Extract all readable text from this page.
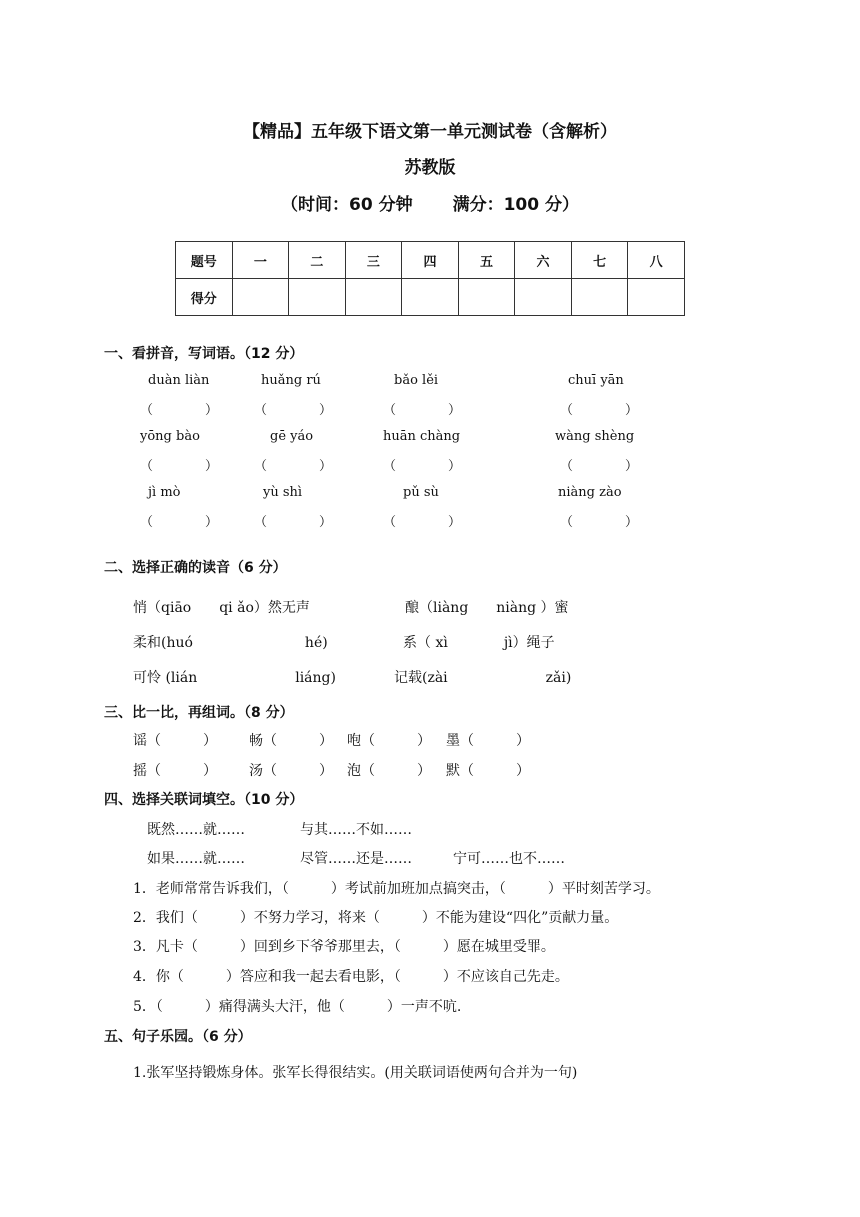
【精品】五年级下语文第一单元测试卷（含解析）
苏教版
（时间：60 分钟 满分：100 分）
题号	一	二	三	四	五	六	七	八
得分								
一、看拼音，写词语。（12 分）
duàn liàn	huǎng rú	bǎo lěi	chuī yān
（　　　　）	（　　　　）	（　　　　）	（　　　　）
yōng bào	gē yáo	huān chàng	wàng shèng
（　　　　）	（　　　　）	（　　　　）	（　　　　）
jì mò	yù shì	pǔ sù	niàng zào
（　　　　）	（　　　　）	（　　　　）	（　　　　）
二、选择正确的读音（6 分）
悄（qiāo　　qi ǎo）然无声	酿（liàng　　niàng ）蜜
柔和(huó　　　　　　　　hé)	系（ xì　　　　jì）绳子
可怜 (lián　　　　　　　liáng)	记载(zài　　　　　　　zǎi)
三、比一比，再组词。（8 分）
谣（　　　） 畅（　　　） 咆（　　　） 墨（　　　）
摇（　　　） 汤（　　　） 泡（　　　） 默（　　　）
四、选择关联词填空。（10 分）
既然……就……	与其……不如……
如果……就……	尽管……还是……	宁可……也不……
1．老师常常告诉我们，（　　　）考试前加班加点搞突击，（　　　）平时刻苦学习。
2．我们（　　　）不努力学习，将来（　　　）不能为建设“四化”贡献力量。
3．凡卡（　　　）回到乡下爷爷那里去，（　　　）愿在城里受罪。
4．你（　　　）答应和我一起去看电影，（　　　）不应该自己先走。
5．（　　　）痛得满头大汗，他（　　　）一声不吭.
五、句子乐园。（6 分）
1.张军坚持锻炼身体。张军长得很结实。(用关联词语使两句合并为一句)
